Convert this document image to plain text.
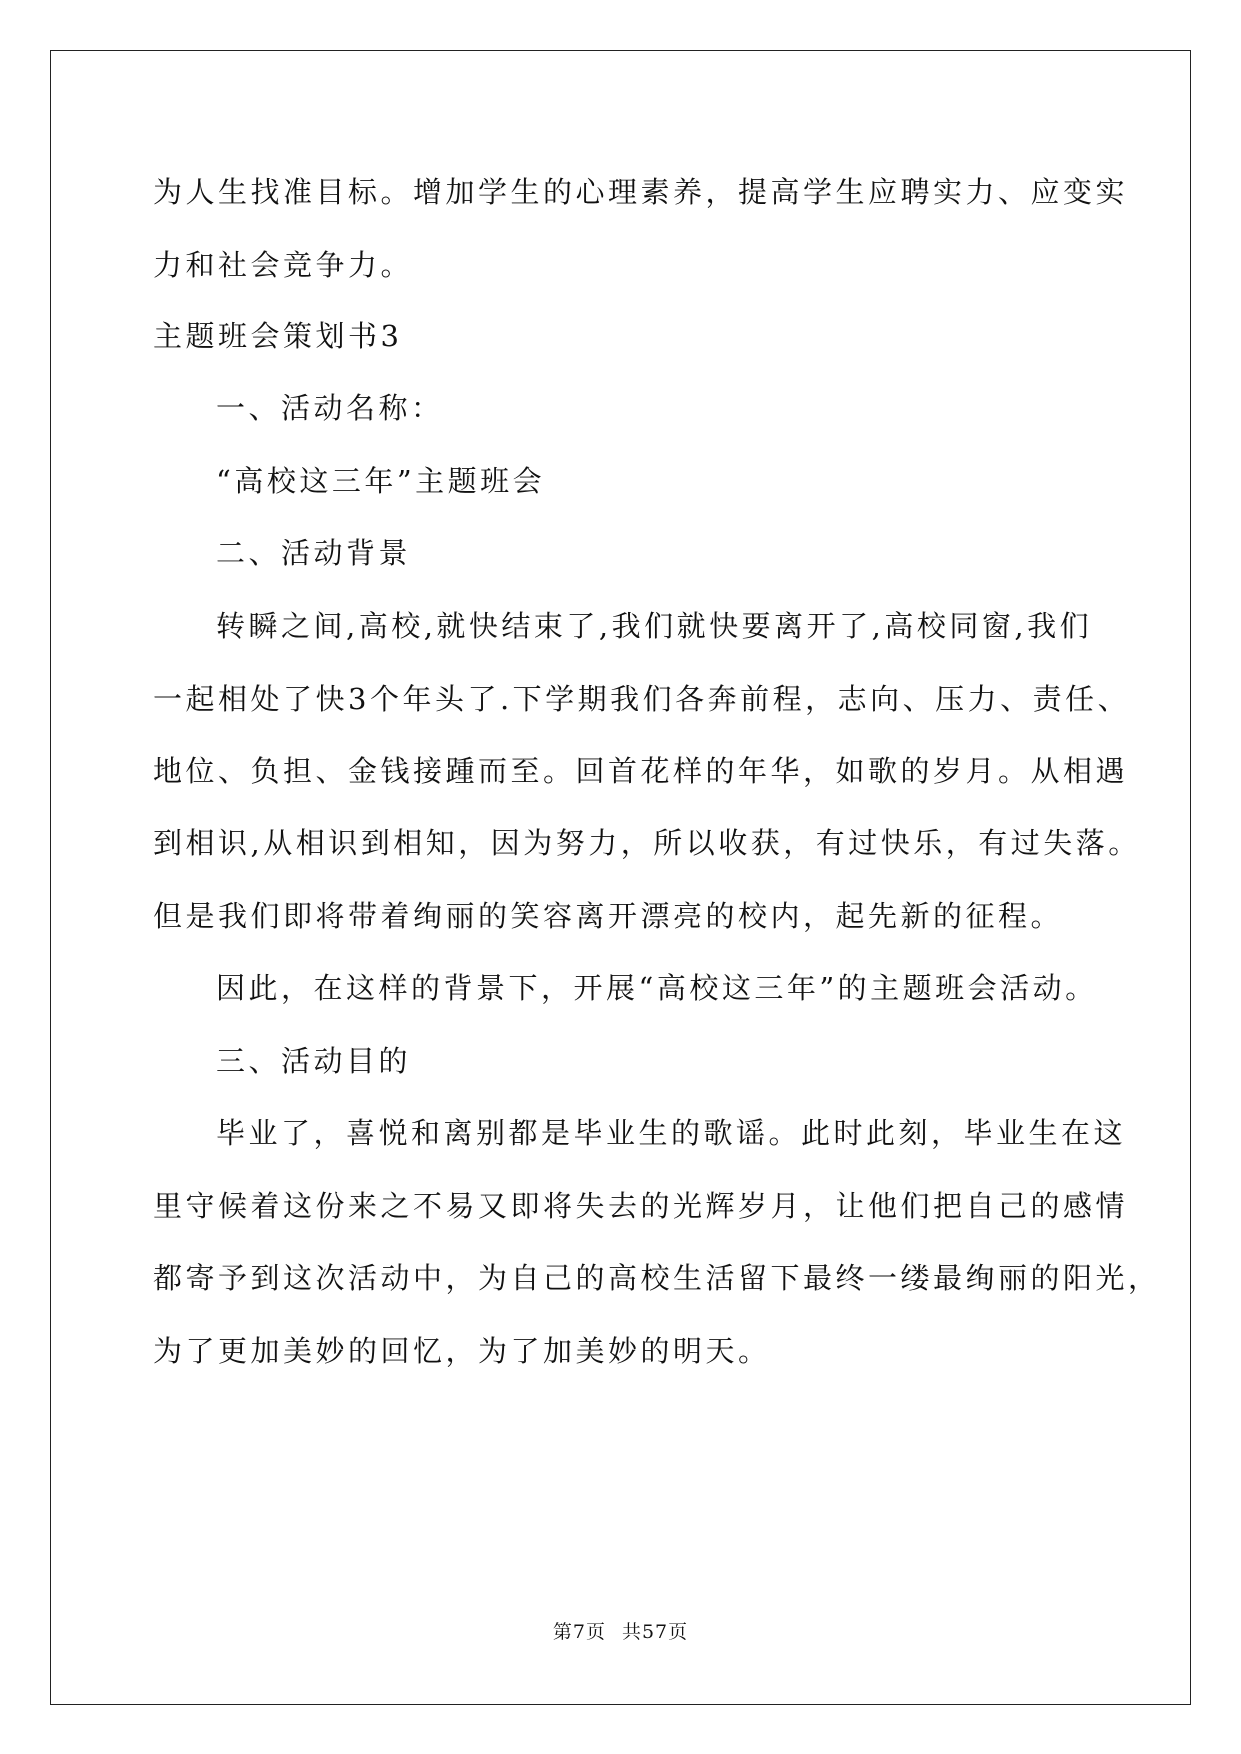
为人生找准目标。增加学生的心理素养，提高学生应聘实力、应变实
力和社会竞争力。
主题班会策划书3
一、活动名称：
“高校这三年”主题班会
二、活动背景
转瞬之间,高校,就快结束了,我们就快要离开了,高校同窗,我们
一起相处了快3个年头了.下学期我们各奔前程，志向、压力、责任、
地位、负担、金钱接踵而至。回首花样的年华，如歌的岁月。从相遇
到相识,从相识到相知，因为努力，所以收获，有过快乐，有过失落。
但是我们即将带着绚丽的笑容离开漂亮的校内，起先新的征程。
因此，在这样的背景下，开展“高校这三年”的主题班会活动。
三、活动目的
毕业了，喜悦和离别都是毕业生的歌谣。此时此刻，毕业生在这
里守候着这份来之不易又即将失去的光辉岁月，让他们把自己的感情
都寄予到这次活动中，为自己的高校生活留下最终一缕最绚丽的阳光，
为了更加美妙的回忆，为了加美妙的明天。
第7页 共57页
